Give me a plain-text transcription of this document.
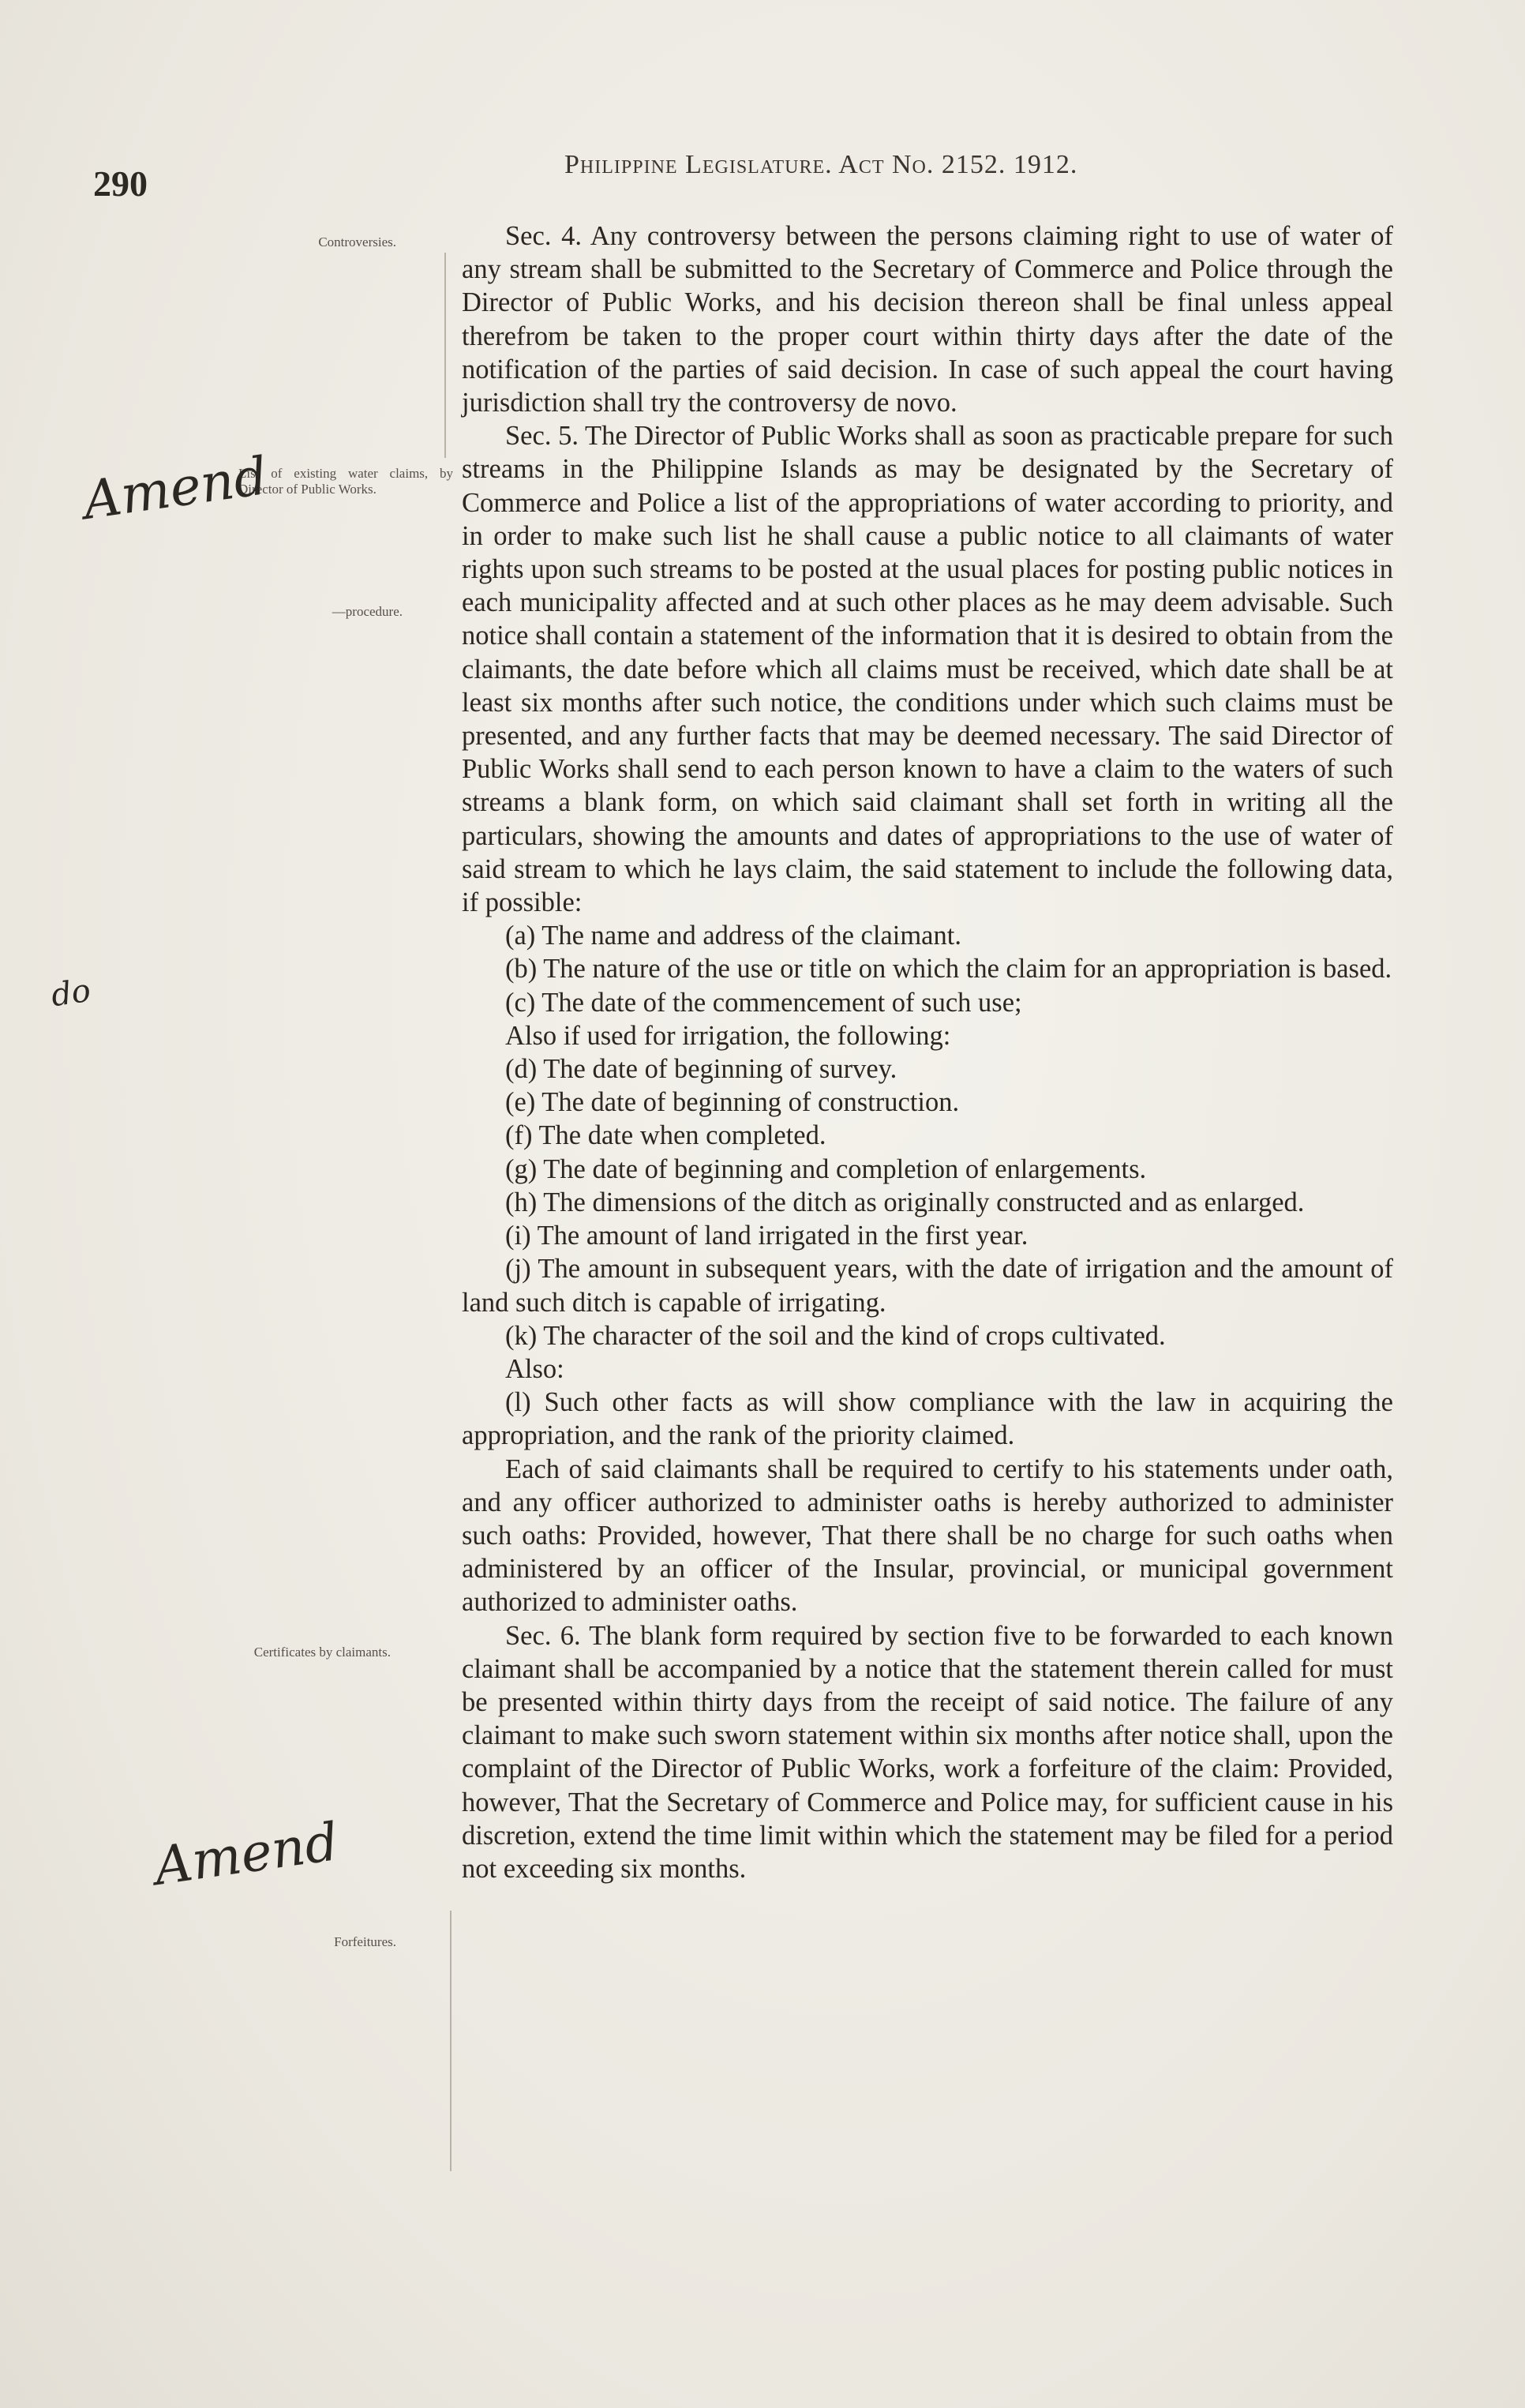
290	Philippine Legislature. Act No. 2152. 1912.
Controversies.
List of existing water claims, by Director of Public Works.
—procedure.
Certificates by claimants.
Forfeitures.
Amend
do
Amend

Sec. 4. Any controversy between the persons claiming right to use of water of any stream shall be submitted to the Secretary of Commerce and Police through the Director of Public Works, and his decision thereon shall be final unless appeal therefrom be taken to the proper court within thirty days after the date of the notification of the parties of said decision. In case of such appeal the court having jurisdiction shall try the controversy de novo.

Sec. 5. The Director of Public Works shall as soon as practicable prepare for such streams in the Philippine Islands as may be designated by the Secretary of Commerce and Police a list of the appropriations of water according to priority, and in order to make such list he shall cause a public notice to all claimants of water rights upon such streams to be posted at the usual places for posting public notices in each municipality affected and at such other places as he may deem advisable. Such notice shall contain a statement of the information that it is desired to obtain from the claimants, the date before which all claims must be received, which date shall be at least six months after such notice, the conditions under which such claims must be presented, and any further facts that may be deemed necessary. The said Director of Public Works shall send to each person known to have a claim to the waters of such streams a blank form, on which said claimant shall set forth in writing all the particulars, showing the amounts and dates of appropriations to the use of water of said stream to which he lays claim, the said statement to include the following data, if possible:

(a) The name and address of the claimant.

(b) The nature of the use or title on which the claim for an appropriation is based.

(c) The date of the commencement of such use;

Also if used for irrigation, the following:

(d) The date of beginning of survey.

(e) The date of beginning of construction.

(f) The date when completed.

(g) The date of beginning and completion of enlargements.

(h) The dimensions of the ditch as originally constructed and as enlarged.

(i) The amount of land irrigated in the first year.

(j) The amount in subsequent years, with the date of irrigation and the amount of land such ditch is capable of irrigating.

(k) The character of the soil and the kind of crops cultivated.

Also:

(l) Such other facts as will show compliance with the law in acquiring the appropriation, and the rank of the priority claimed.

Each of said claimants shall be required to certify to his statements under oath, and any officer authorized to administer oaths is hereby authorized to administer such oaths: Provided, however, That there shall be no charge for such oaths when administered by an officer of the Insular, provincial, or municipal government authorized to administer oaths.

Sec. 6. The blank form required by section five to be forwarded to each known claimant shall be accompanied by a notice that the statement therein called for must be presented within thirty days from the receipt of said notice. The failure of any claimant to make such sworn statement within six months after notice shall, upon the complaint of the Director of Public Works, work a forfeiture of the claim: Provided, however, That the Secretary of Commerce and Police may, for sufficient cause in his discretion, extend the time limit within which the statement may be filed for a period not exceeding six months.
